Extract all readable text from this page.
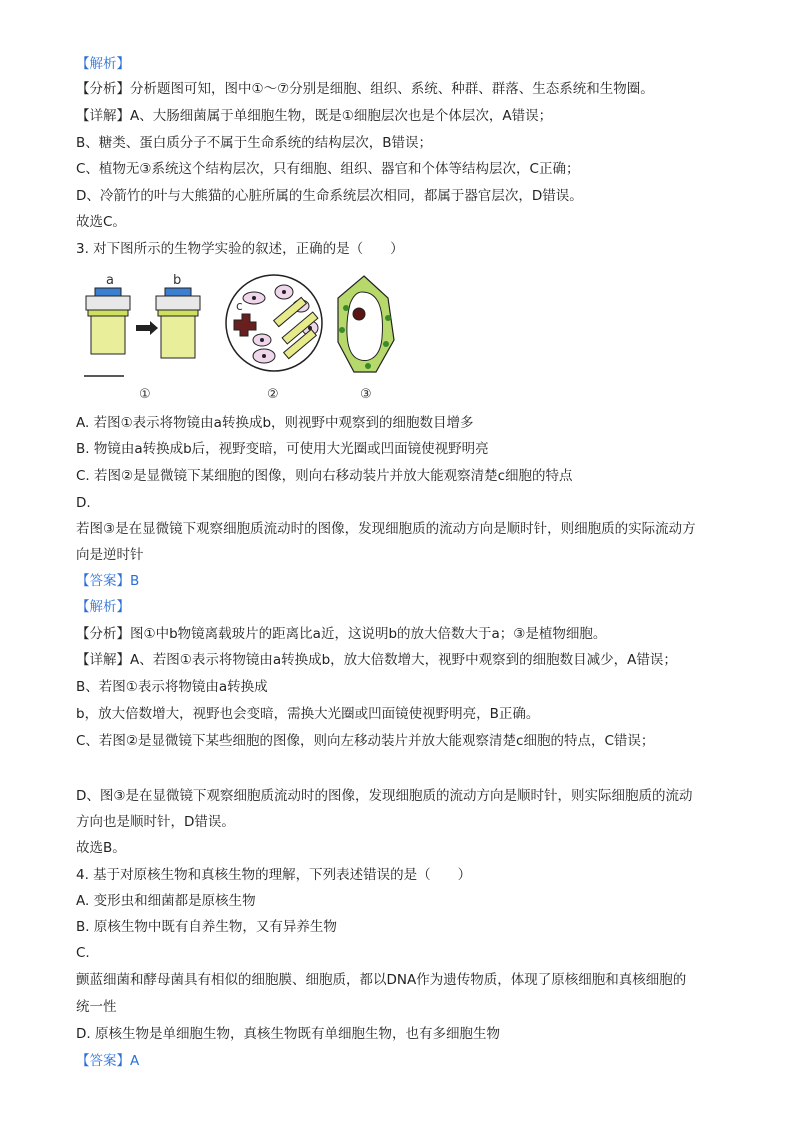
【解析】
【分析】分析题图可知，图中①～⑦分别是细胞、组织、系统、种群、群落、生态系统和生物圈。
【详解】A、大肠细菌属于单细胞生物，既是①细胞层次也是个体层次，A错误；
B、糖类、蛋白质分子不属于生命系统的结构层次，B错误；
C、植物无③系统这个结构层次，只有细胞、组织、器官和个体等结构层次，C正确；
D、冷箭竹的叶与大熊猫的心脏所属的生命系统层次相同，都属于器官层次，D错误。
故选C。
3. 对下图所示的生物学实验的叙述，正确的是（　　）
A. 若图①表示将物镜由a转换成b，则视野中观察到的细胞数目增多
B. 物镜由a转换成b后，视野变暗，可使用大光圈或凹面镜使视野明亮
C. 若图②是显微镜下某细胞的图像，则向右移动装片并放大能观察清楚c细胞的特点
D.
若图③是在显微镜下观察细胞质流动时的图像，发现细胞质的流动方向是顺时针，则细胞质的实际流动方
向是逆时针
【答案】B
【解析】
【分析】图①中b物镜离载玻片的距离比a近，这说明b的放大倍数大于a；③是植物细胞。
【详解】A、若图①表示将物镜由a转换成b，放大倍数增大，视野中观察到的细胞数目减少，A错误；
B、若图①表示将物镜由a转换成
b，放大倍数增大，视野也会变暗，需换大光圈或凹面镜使视野明亮，B正确。
C、若图②是显微镜下某些细胞的图像，则向左移动装片并放大能观察清楚c细胞的特点，C错误；
D、图③是在显微镜下观察细胞质流动时的图像，发现细胞质的流动方向是顺时针，则实际细胞质的流动
方向也是顺时针，D错误。
故选B。
4. 基于对原核生物和真核生物的理解，下列表述错误的是（　　）
A. 变形虫和细菌都是原核生物
B. 原核生物中既有自养生物，又有异养生物
C.
颤蓝细菌和酵母菌具有相似的细胞膜、细胞质，都以DNA作为遗传物质，体现了原核细胞和真核细胞的
统一性
D. 原核生物是单细胞生物，真核生物既有单细胞生物，也有多细胞生物
【答案】A
a	b
①
c
②	③
